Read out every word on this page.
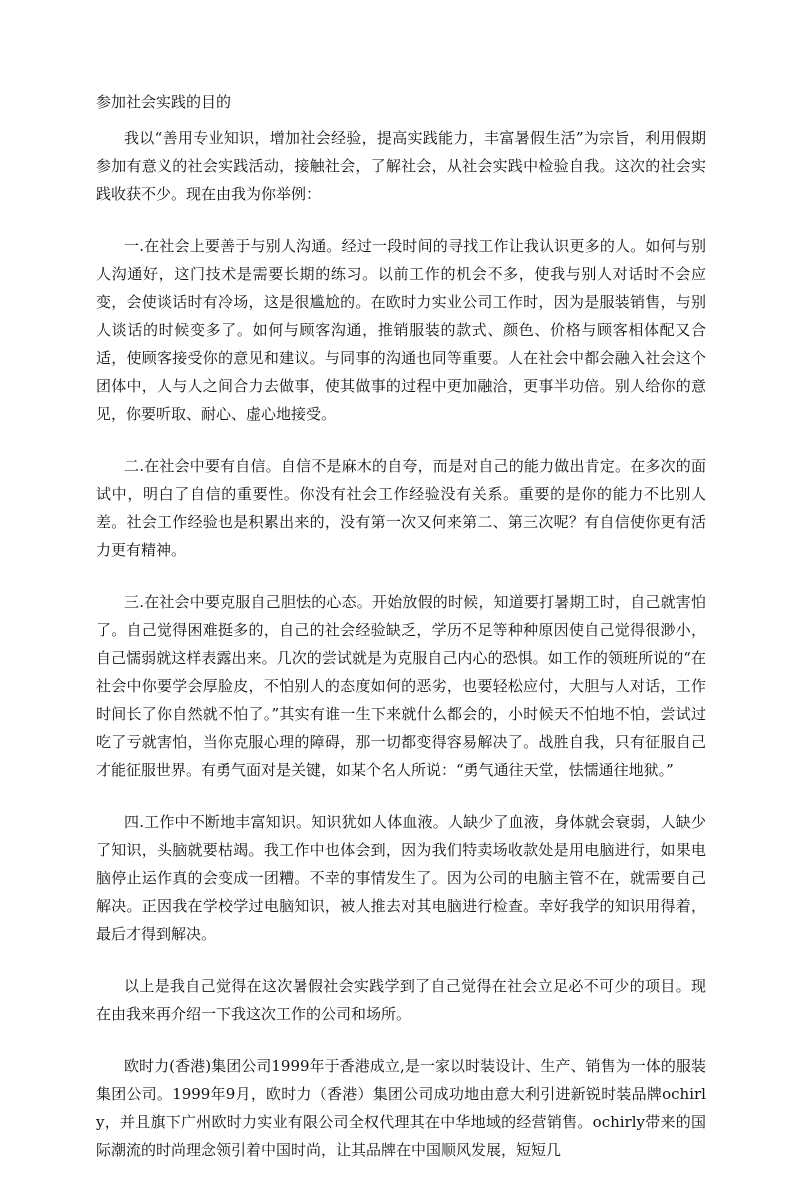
参加社会实践的目的

我以“善用专业知识，增加社会经验，提高实践能力，丰富暑假生活”为宗旨，利用假期参加有意义的社会实践活动，接触社会，了解社会，从社会实践中检验自我。这次的社会实践收获不少。现在由我为你举例：

一.在社会上要善于与别人沟通。经过一段时间的寻找工作让我认识更多的人。如何与别人沟通好，这门技术是需要长期的练习。以前工作的机会不多，使我与别人对话时不会应变，会使谈话时有冷场，这是很尴尬的。在欧时力实业公司工作时，因为是服装销售，与别人谈话的时候变多了。如何与顾客沟通，推销服装的款式、颜色、价格与顾客相体配又合适，使顾客接受你的意见和建议。与同事的沟通也同等重要。人在社会中都会融入社会这个团体中，人与人之间合力去做事，使其做事的过程中更加融洽，更事半功倍。别人给你的意见，你要听取、耐心、虚心地接受。

二.在社会中要有自信。自信不是麻木的自夸，而是对自己的能力做出肯定。在多次的面试中，明白了自信的重要性。你没有社会工作经验没有关系。重要的是你的能力不比别人差。社会工作经验也是积累出来的，没有第一次又何来第二、第三次呢？有自信使你更有活力更有精神。

三.在社会中要克服自己胆怯的心态。开始放假的时候，知道要打暑期工时，自己就害怕了。自己觉得困难挺多的，自己的社会经验缺乏，学历不足等种种原因使自己觉得很渺小，自己懦弱就这样表露出来。几次的尝试就是为克服自己内心的恐惧。如工作的领班所说的“在社会中你要学会厚脸皮，不怕别人的态度如何的恶劣，也要轻松应付，大胆与人对话，工作时间长了你自然就不怕了。”其实有谁一生下来就什么都会的，小时候天不怕地不怕，尝试过吃了亏就害怕，当你克服心理的障碍，那一切都变得容易解决了。战胜自我，只有征服自己才能征服世界。有勇气面对是关键，如某个名人所说：“勇气通往天堂，怯懦通往地狱。”

四.工作中不断地丰富知识。知识犹如人体血液。人缺少了血液，身体就会衰弱，人缺少了知识，头脑就要枯竭。我工作中也体会到，因为我们特卖场收款处是用电脑进行，如果电脑停止运作真的会变成一团糟。不幸的事情发生了。因为公司的电脑主管不在，就需要自己解决。正因我在学校学过电脑知识，被人推去对其电脑进行检查。幸好我学的知识用得着，最后才得到解决。

以上是我自己觉得在这次暑假社会实践学到了自己觉得在社会立足必不可少的项目。现在由我来再介绍一下我这次工作的公司和场所。

欧时力(香港)集团公司1999年于香港成立,是一家以时装设计、生产、销售为一体的服装集团公司。1999年9月，欧时力（香港）集团公司成功地由意大利引进新锐时装品牌ochirly，并且旗下广州欧时力实业有限公司全权代理其在中华地域的经营销售。ochirly带来的国际潮流的时尚理念领引着中国时尚，让其品牌在中国顺风发展，短短几
